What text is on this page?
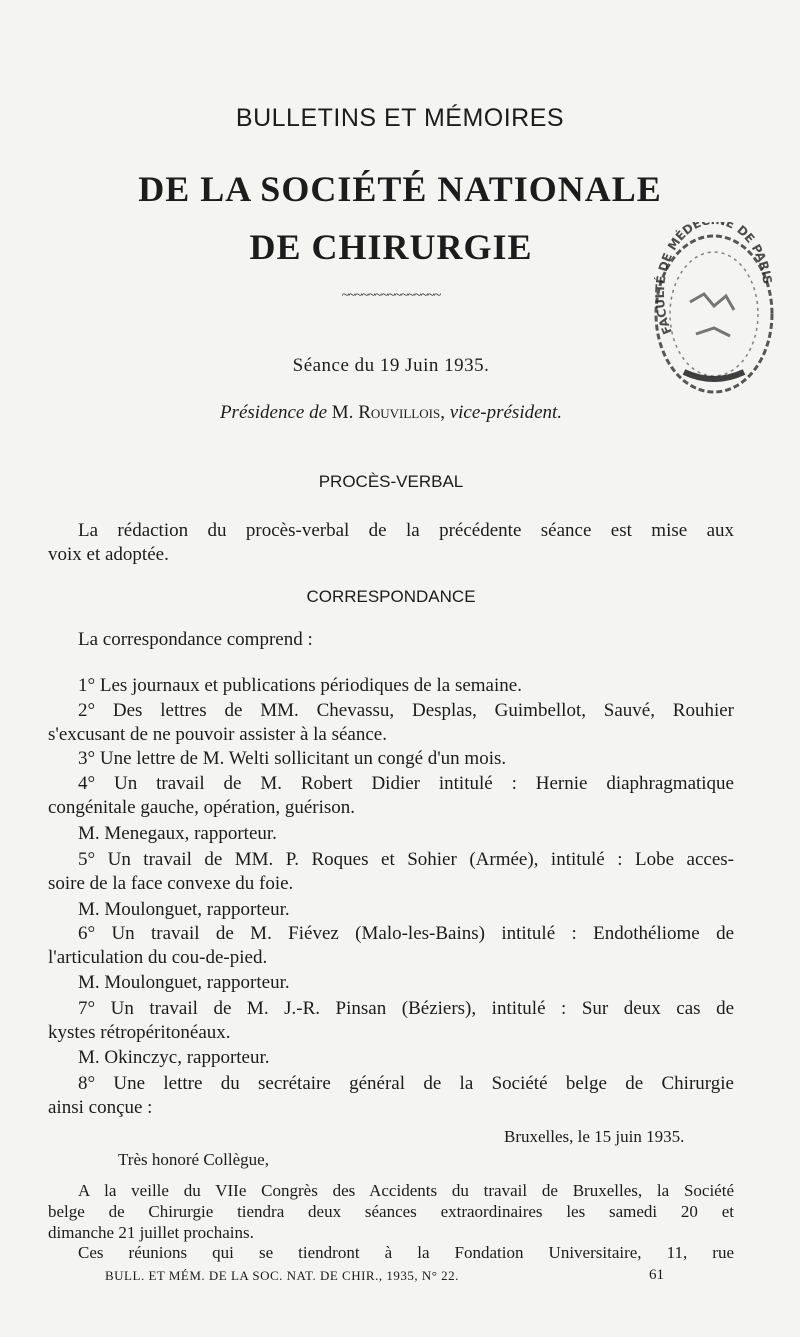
BULLETINS ET MÉMOIRES
DE LA SOCIÉTÉ NATIONALE
DE CHIRURGIE
~~~~~~~~~~~~~~~
FACULTÉ DE MÉDE E DE PARIS
Séance du 19 Juin 1935.
Présidence de M. Rouvillois, vice-président.
PROCÈS-VERBAL
La rédaction du procès-verbal de la précédente séance est mise aux
voix et adoptée.
CORRESPONDANCE
La correspondance comprend :
1° Les journaux et publications périodiques de la semaine.
2° Des lettres de MM. Chevassu, Desplas, Guimbellot, Sauvé, Rouhier
s'excusant de ne pouvoir assister à la séance.
3° Une lettre de M. Welti sollicitant un congé d'un mois.
4° Un travail de M. Robert Didier intitulé : Hernie diaphragmatique
congénitale gauche, opération, guérison.
M. Menegaux, rapporteur.
5° Un travail de MM. P. Roques et Sohier (Armée), intitulé : Lobe acces-
soire de la face convexe du foie.
M. Moulonguet, rapporteur.
6° Un travail de M. Fiévez (Malo-les-Bains) intitulé : Endothéliome de
l'articulation du cou-de-pied.
M. Moulonguet, rapporteur.
7° Un travail de M. J.-R. Pinsan (Béziers), intitulé : Sur deux cas de
kystes rétropéritonéaux.
M. Okinczyc, rapporteur.
8° Une lettre du secrétaire général de la Société belge de Chirurgie
ainsi conçue :
Bruxelles, le 15 juin 1935.
Très honoré Collègue,
A la veille du VIIe Congrès des Accidents du travail de Bruxelles, la Société
belge de Chirurgie tiendra deux séances extraordinaires les samedi 20 et
dimanche 21 juillet prochains.
Ces réunions qui se tiendront à la Fondation Universitaire, 11, rue
BULL. ET MÉM. DE LA SOC. NAT. DE CHIR., 1935, N° 22.	61
